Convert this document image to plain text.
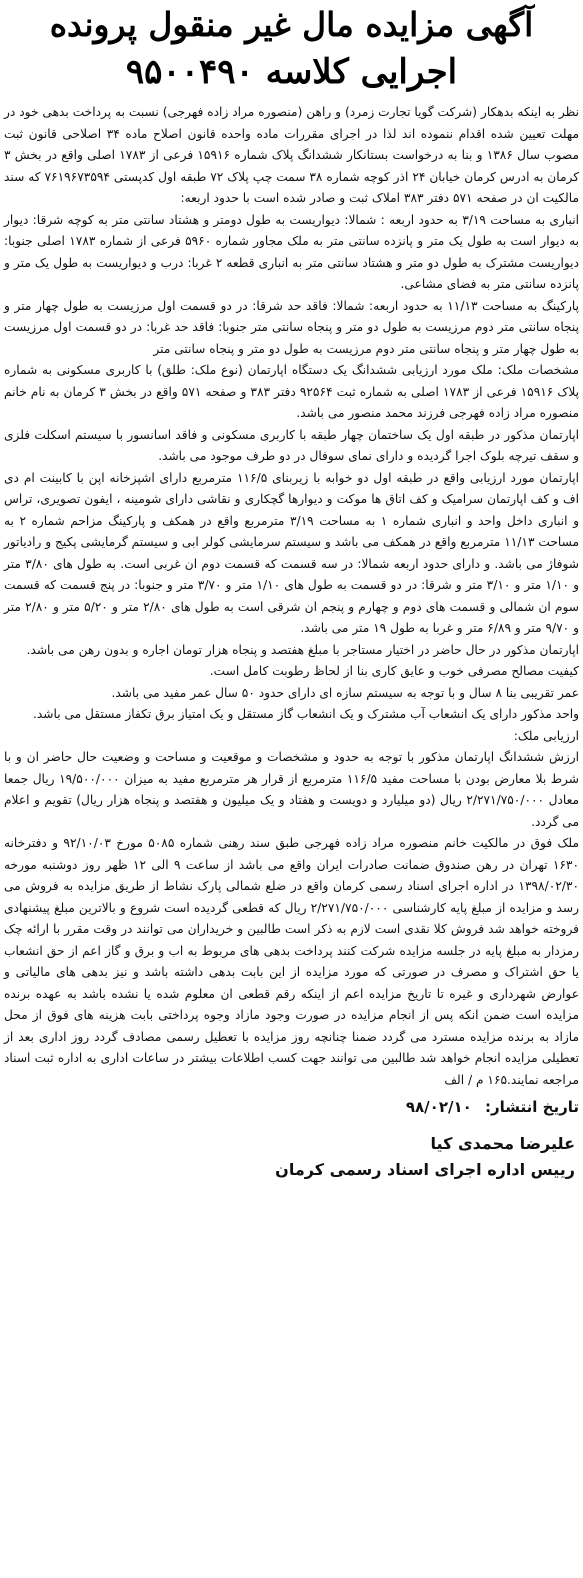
آگهی مزایده مال غیر منقول پرونده
اجرایی کلاسه ۹۵۰۰۴۹۰

نظر به اینکه بدهکار (شرکت گویا تجارت زمرد) و راهن (منصوره مراد زاده فهرجی) نسبت به پرداخت بدهی خود در مهلت تعیین شده اقدام ننموده اند لذا در اجرای مقررات ماده واحده قانون اصلاح ماده ۳۴ اصلاحی قانون ثبت مصوب سال ۱۳۸۶ و بنا به درخواست بستانکار ششدانگ پلاک شماره ۱۵۹۱۶ فرعی از ۱۷۸۳ اصلی واقع در بخش ۳ کرمان به ادرس کرمان خیابان ۲۴ اذر کوچه شماره ۳۸ سمت چپ پلاک ۷۲ طبقه اول کدپستی ۷۶۱۹۶۷۳۵۹۴ که سند مالکیت ان در صفحه ۵۷۱ دفتر ۳۸۳ املاک ثبت و صادر شده است با حدود اربعه:

انباری به مساحت ۳/۱۹ به حدود اربعه : شمالا: دیواریست به طول دومتر و هشتاد سانتی متر به کوچه شرقا: دیوار به دیوار است به طول یک متر و پانزده سانتی متر به ملک مجاور شماره ۵۹۶۰ فرعی از شماره ۱۷۸۳ اصلی جنوبا: دیواریست مشترک به طول دو متر و هشتاد سانتی متر به انباری قطعه ۲ غربا: درب و دیواریست به طول یک متر و پانزده سانتی متر به فضای مشاعی.

پارکینگ به مساحت ۱۱/۱۳ به حدود اربعه: شمالا: فاقد حد شرقا: در دو قسمت اول مرزیست به طول چهار متر و پنجاه سانتی متر دوم مرزیست به طول دو متر و پنجاه سانتی متر جنوبا: فاقد حد غربا: در دو قسمت اول مرزیست به طول چهار متر و پنجاه سانتی متر دوم مرزیست به طول دو متر و پنجاه سانتی متر

مشخصات ملک: ملک مورد ارزیابی ششدانگ یک دستگاه اپارتمان (نوع ملک: طلق) با کاربری مسکونی به شماره پلاک ۱۵۹۱۶ فرعی از ۱۷۸۳ اصلی به شماره ثبت ۹۲۵۶۴ دفتر ۳۸۳ و صفحه ۵۷۱ واقع در بخش ۳ کرمان به نام خانم منصوره مراد زاده فهرجی فرزند محمد منصور می باشد.

اپارتمان مذکور در طبقه اول یک ساختمان چهار طبقه با کاربری مسکونی و فاقد اسانسور با سیستم اسکلت فلزی و سقف تیرچه بلوک اجرا گردیده و دارای نمای سوفال در دو طرف موجود می باشد.

اپارتمان مورد ارزیابی واقع در طبقه اول دو خوابه با زیربنای ۱۱۶/۵ مترمربع دارای اشپزخانه اپن با کابینت ام دی اف و کف اپارتمان سرامیک و کف اتاق ها موکت و دیوارها گچکاری و نقاشی دارای شومینه ، ایفون تصویری، تراس و انباری داخل واحد و انباری شماره ۱ به مساحت ۳/۱۹ مترمربع واقع در همکف و پارکینگ مزاحم شماره ۲ به مساحت ۱۱/۱۳ مترمربع واقع در همکف می باشد و سیستم سرمایشی کولر ابی و سیستم گرمایشی پکیج و رادیاتور شوفاژ می باشد. و دارای حدود اربعه شمالا: در سه قسمت که قسمت دوم ان غربی است. به طول های ۳/۸۰ متر و ۱/۱۰ متر و ۳/۱۰ متر و شرقا: در دو قسمت به طول های ۱/۱۰ متر و ۳/۷۰ متر و جنوبا: در پنج قسمت که قسمت سوم ان شمالی و قسمت های دوم و چهارم و پنجم ان شرقی است به طول های ۲/۸۰ متر و ۵/۲۰ متر و ۲/۸۰ متر و ۹/۷۰ متر و ۶/۸۹ متر و غربا به طول ۱۹ متر می باشد.

اپارتمان مذکور در حال حاضر در اختیار مستاجر با مبلغ هفتصد و پنجاه هزار تومان اجاره و بدون رهن می باشد.

کیفیت مصالح مصرفی خوب و عایق کاری بنا از لحاظ رطوبت کامل است.

عمر تقریبی بنا ۸ سال و با توجه به سیستم سازه ای دارای حدود ۵۰ سال عمر مفید می باشد.

واحد مذکور دارای یک انشعاب آب مشترک و یک انشعاب گاز مستقل و یک امتیاز برق تکفاز مستقل می باشد.

ارزیابی ملک:

ارزش ششدانگ اپارتمان مذکور با توجه به حدود و مشخصات و موقعیت و مساحت و وضعیت حال حاضر ان و با شرط بلا معارض بودن با مساحت مفید ۱۱۶/۵ مترمربع از قرار هر مترمربع مفید به میزان ۱۹/۵۰۰/۰۰۰ ریال جمعا معادل ۲/۲۷۱/۷۵۰/۰۰۰ ریال (دو میلیارد و دویست و هفتاد و یک میلیون و هفتصد و پنجاه هزار ریال) تقویم و اعلام می گردد.

ملک فوق در مالکیت خانم منصوره مراد زاده فهرجی طبق سند رهنی شماره ۵۰۸۵ مورخ ۹۲/۱۰/۰۳ و دفترخانه ۱۶۳۰ تهران در رهن صندوق ضمانت صادرات ایران واقع می باشد از ساعت ۹ الی ۱۲ ظهر روز دوشنبه مورخه ۱۳۹۸/۰۲/۳۰ در اداره اجرای اسناد رسمی کرمان واقع در ضلع شمالی پارک نشاط از طریق مزایده به فروش می رسد و مزایده از مبلغ پایه کارشناسی ۲/۲۷۱/۷۵۰/۰۰۰ ریال که قطعی گردیده است شروع و بالاترین مبلغ پیشنهادی فروخته خواهد شد فروش کلا نقدی است لازم به ذکر است طالبین و خریداران می توانند در وقت مقرر با ارائه چک رمزدار به مبلغ پایه در جلسه مزایده شرکت کنند پرداخت بدهی های مربوط به اب و برق و گاز اعم از حق انشعاب یا حق اشتراک و مصرف در صورتی که مورد مزایده از این بابت بدهی داشته باشد و نیز بدهی های مالیاتی و عوارض شهرداری و غیره تا تاریخ مزایده اعم از اینکه رقم قطعی ان معلوم شده یا نشده باشد به عهده برنده مزایده است ضمن انکه پس از انجام مزایده در صورت وجود مازاد وجوه پرداختی بابت هزینه های فوق از محل مازاد به برنده مزایده مسترد می گردد ضمنا چنانچه روز مزایده با تعطیل رسمی مصادف گردد روز اداری بعد از تعطیلی مزایده انجام خواهد شد طالبین می توانند جهت کسب اطلاعات بیشتر در ساعات اداری به اداره ثبت اسناد مراجعه نمایند.۱۶۵ م / الف

تاریخ انتشار: ۹۸/۰۲/۱۰
علیرضا محمدی کیا
رییس اداره اجرای اسناد رسمی کرمان
